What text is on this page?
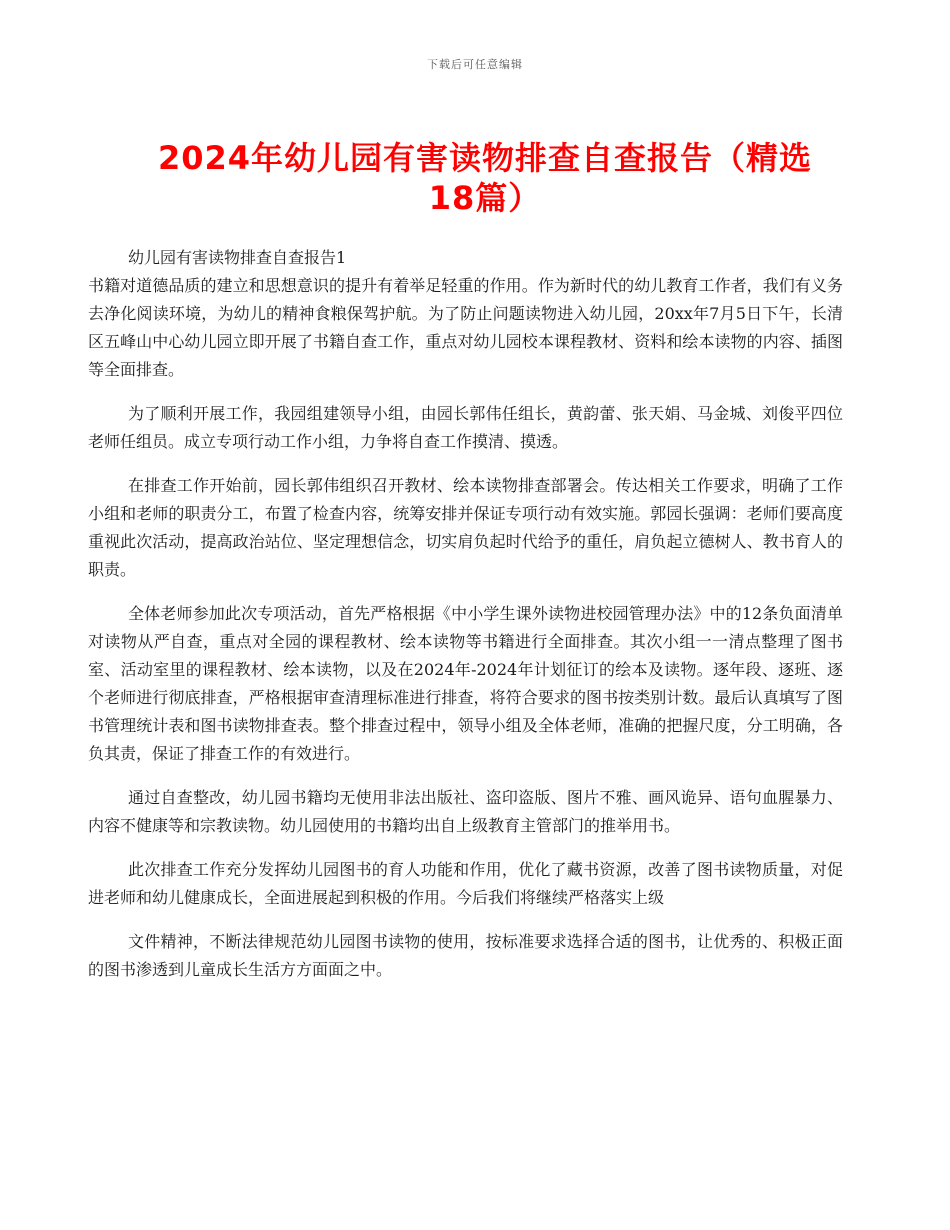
下载后可任意编辑
2024年幼儿园有害读物排查自查报告（精选18篇）

幼儿园有害读物排查自查报告1

书籍对道德品质的建立和思想意识的提升有着举足轻重的作用。作为新时代的幼儿教育工作者，我们有义务去净化阅读环境，为幼儿的精神食粮保驾护航。为了防止问题读物进入幼儿园，20xx年7月5日下午，长清区五峰山中心幼儿园立即开展了书籍自查工作，重点对幼儿园校本课程教材、资料和绘本读物的内容、插图等全面排查。

为了顺利开展工作，我园组建领导小组，由园长郭伟任组长，黄韵蕾、张天娟、马金城、刘俊平四位老师任组员。成立专项行动工作小组，力争将自查工作摸清、摸透。

在排查工作开始前，园长郭伟组织召开教材、绘本读物排查部署会。传达相关工作要求，明确了工作小组和老师的职责分工，布置了检查内容，统筹安排并保证专项行动有效实施。郭园长强调：老师们要高度重视此次活动，提高政治站位、坚定理想信念，切实肩负起时代给予的重任，肩负起立德树人、教书育人的职责。

全体老师参加此次专项活动，首先严格根据《中小学生课外读物进校园管理办法》中的12条负面清单对读物从严自查，重点对全园的课程教材、绘本读物等书籍进行全面排查。其次小组一一清点整理了图书室、活动室里的课程教材、绘本读物，以及在2024年-2024年计划征订的绘本及读物。逐年段、逐班、逐个老师进行彻底排查，严格根据审查清理标准进行排查，将符合要求的图书按类别计数。最后认真填写了图书管理统计表和图书读物排查表。整个排查过程中，领导小组及全体老师，准确的把握尺度，分工明确，各负其责，保证了排查工作的有效进行。

通过自查整改，幼儿园书籍均无使用非法出版社、盗印盗版、图片不雅、画风诡异、语句血腥暴力、内容不健康等和宗教读物。幼儿园使用的书籍均出自上级教育主管部门的推举用书。

此次排查工作充分发挥幼儿园图书的育人功能和作用，优化了藏书资源，改善了图书读物质量，对促进老师和幼儿健康成长，全面进展起到积极的作用。今后我们将继续严格落实上级

文件精神，不断法律规范幼儿园图书读物的使用，按标准要求选择合适的图书，让优秀的、积极正面的图书渗透到儿童成长生活方方面面之中。
